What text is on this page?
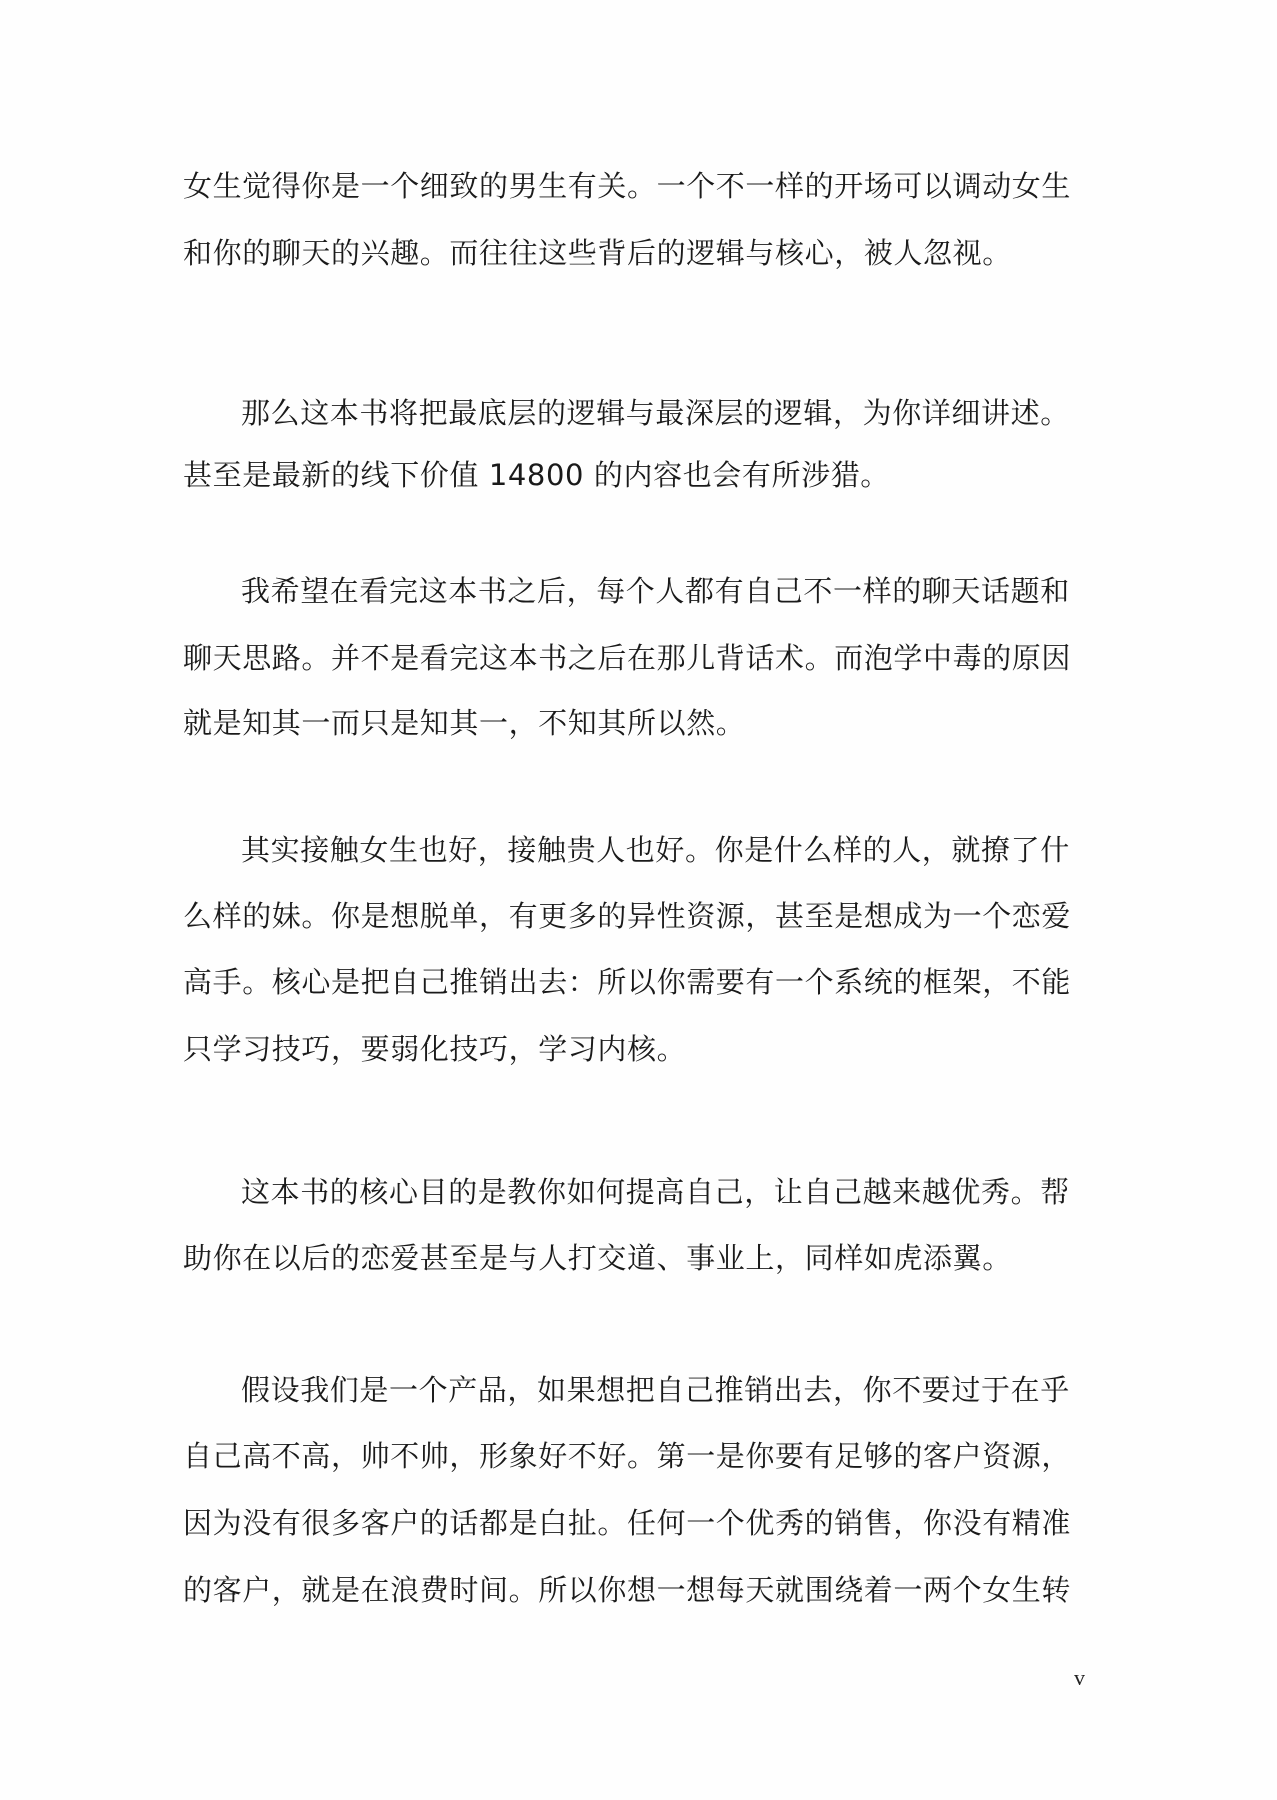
女生觉得你是一个细致的男生有关。一个不一样的开场可以调动女生
和你的聊天的兴趣。而往往这些背后的逻辑与核心，被人忽视。
那么这本书将把最底层的逻辑与最深层的逻辑，为你详细讲述。
甚至是最新的线下价值 14800 的内容也会有所涉猎。
我希望在看完这本书之后，每个人都有自己不一样的聊天话题和
聊天思路。并不是看完这本书之后在那儿背话术。而泡学中毒的原因
就是知其一而只是知其一，不知其所以然。
其实接触女生也好，接触贵人也好。你是什么样的人，就撩了什
么样的妹。你是想脱单，有更多的异性资源，甚至是想成为一个恋爱
高手。核心是把自己推销出去：所以你需要有一个系统的框架，不能
只学习技巧，要弱化技巧，学习内核。
这本书的核心目的是教你如何提高自己，让自己越来越优秀。帮
助你在以后的恋爱甚至是与人打交道、事业上，同样如虎添翼。
假设我们是一个产品，如果想把自己推销出去，你不要过于在乎
自己高不高，帅不帅，形象好不好。第一是你要有足够的客户资源，
因为没有很多客户的话都是白扯。任何一个优秀的销售，你没有精准
的客户，就是在浪费时间。所以你想一想每天就围绕着一两个女生转
v
